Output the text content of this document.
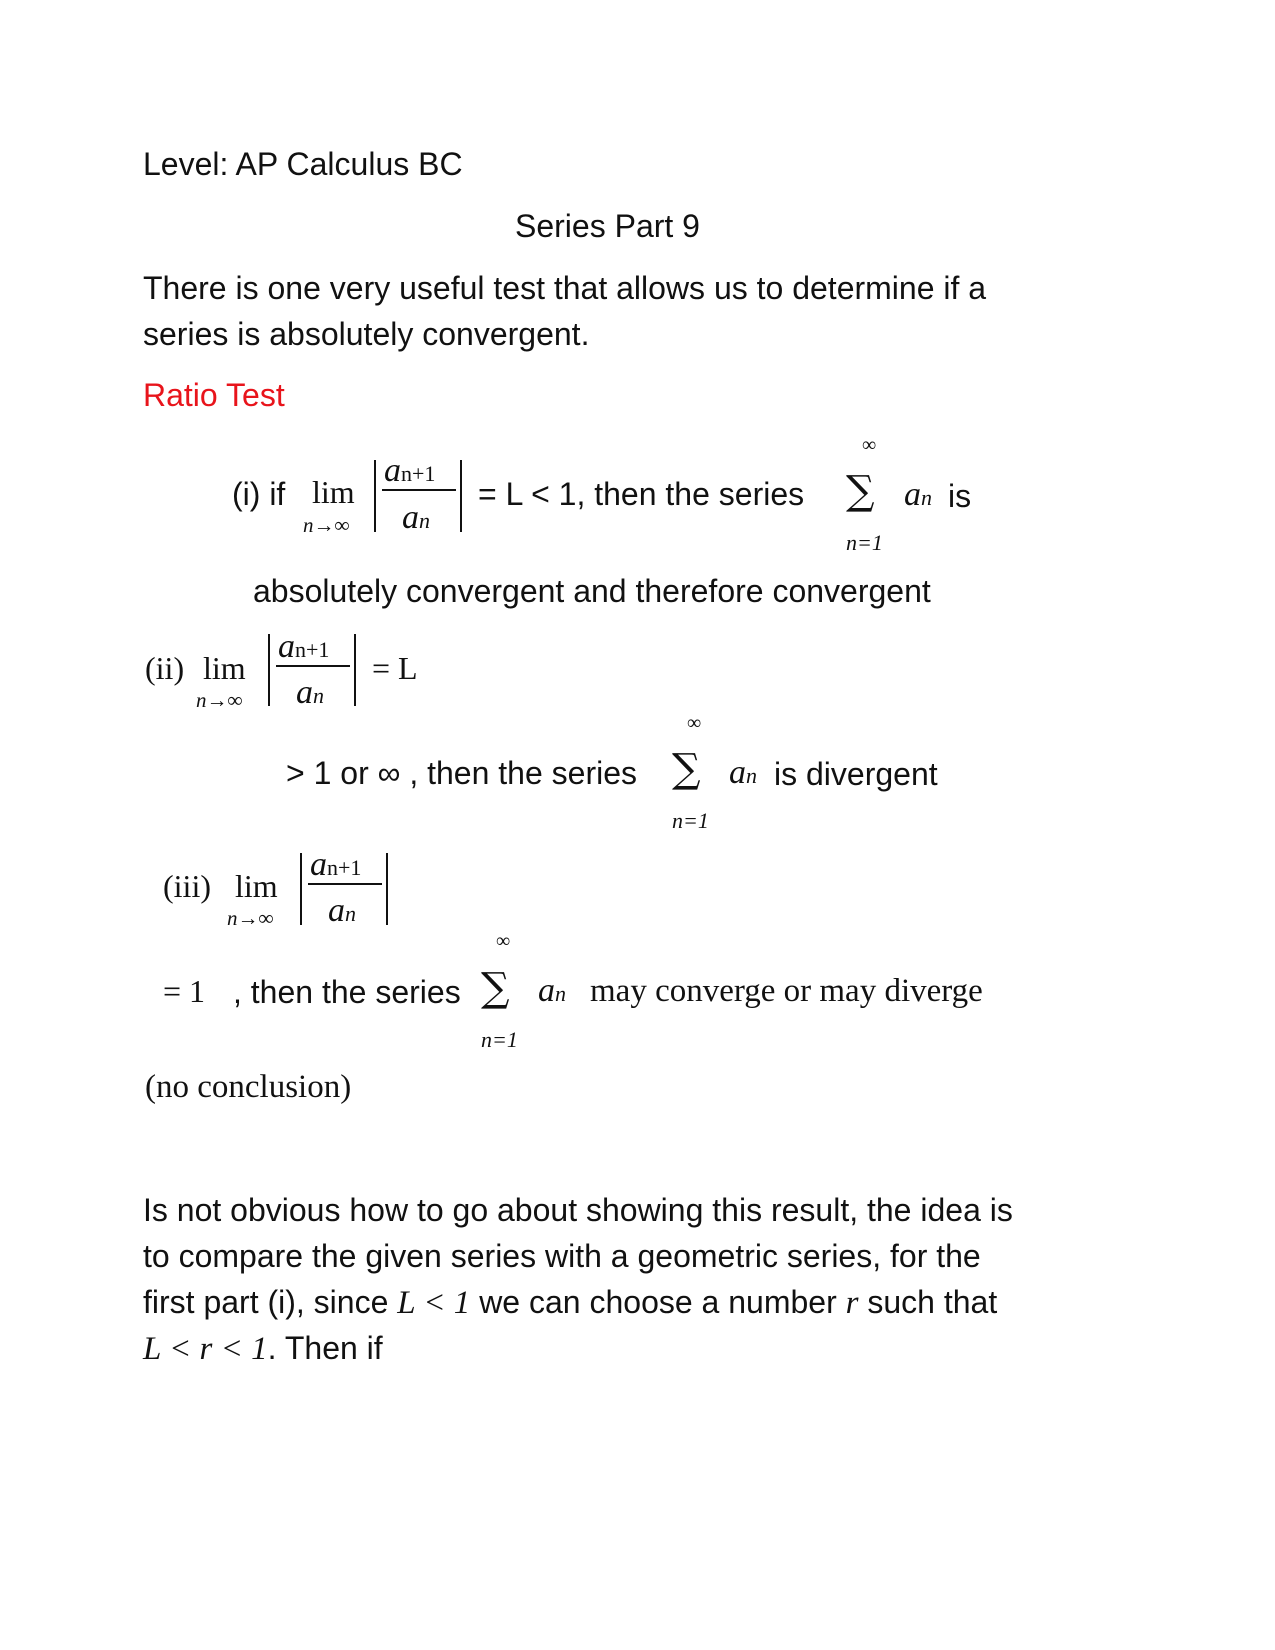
Level: AP Calculus BC
Series Part 9
There is one very useful test that allows us to determine if a
series is absolutely convergent.
Ratio Test
(i) if lim
n→∞
an+1
an
= L < 1, then the series
∞
∑
n=1
an is
absolutely convergent and therefore convergent
(ii) lim
n→∞
an+1
an
= L
> 1 or ∞ , then the series
∞
∑
n=1
an is divergent
(iii) lim
n→∞
an+1
an
= 1 , then the series
∞
∑
n=1
an may converge or may diverge
(no conclusion)
Is not obvious how to go about showing this result, the idea is
to compare the given series with a geometric series, for the
first part (i), since L < 1 we can choose a number r such that
L < r < 1. Then if
